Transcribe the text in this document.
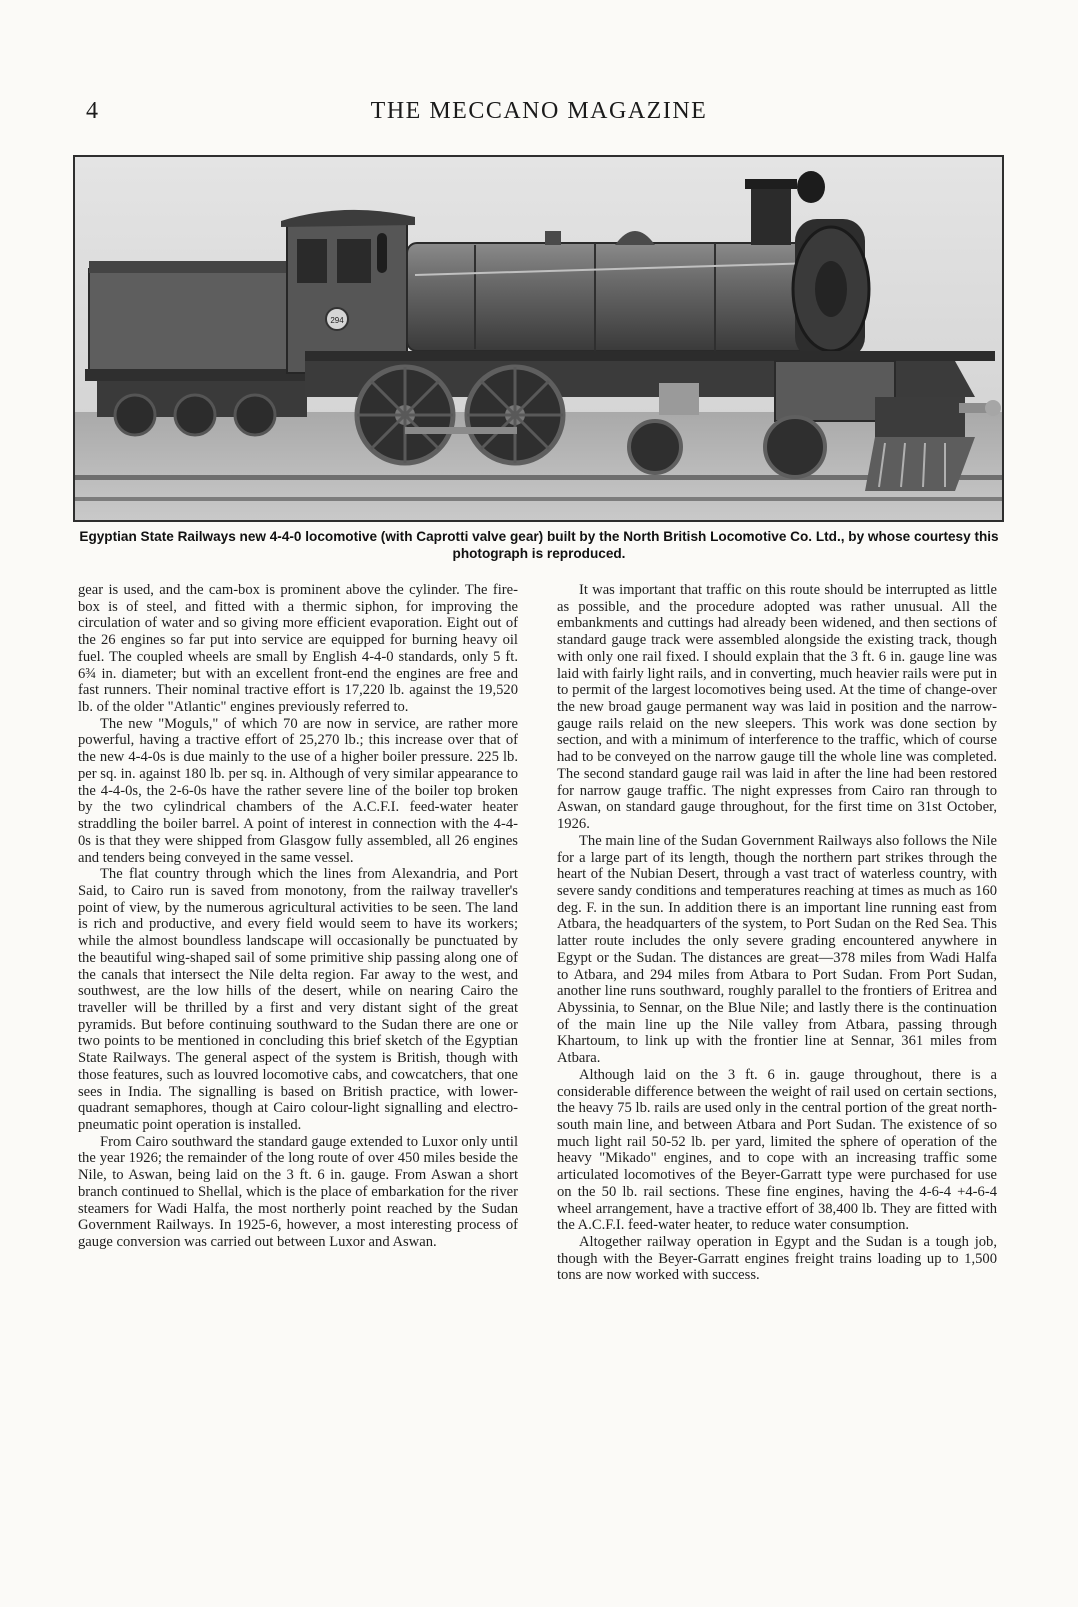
4	THE MECCANO MAGAZINE
294
Egyptian State Railways new 4-4-0 locomotive (with Caprotti valve gear) built by the North British Locomotive Co. Ltd., by whose courtesy this photograph is reproduced.

gear is used, and the cam-box is prominent above the cylinder. The fire-box is of steel, and fitted with a thermic siphon, for improving the circulation of water and so giving more efficient evaporation. Eight out of the 26 engines so far put into service are equipped for burning heavy oil fuel. The coupled wheels are small by English 4-4-0 standards, only 5 ft. 6¾ in. diameter; but with an excellent front-end the engines are free and fast runners. Their nominal tractive effort is 17,220 lb. against the 19,520 lb. of the older "Atlantic" engines previously referred to.

The new "Moguls," of which 70 are now in service, are rather more powerful, having a tractive effort of 25,270 lb.; this increase over that of the new 4-4-0s is due mainly to the use of a higher boiler pressure. 225 lb. per sq. in. against 180 lb. per sq. in. Although of very similar appearance to the 4-4-0s, the 2-6-0s have the rather severe line of the boiler top broken by the two cylindrical chambers of the A.C.F.I. feed-water heater straddling the boiler barrel. A point of interest in connection with the 4-4-0s is that they were shipped from Glasgow fully assembled, all 26 engines and tenders being conveyed in the same vessel.

The flat country through which the lines from Alexandria, and Port Said, to Cairo run is saved from monotony, from the railway traveller's point of view, by the numerous agricultural activities to be seen. The land is rich and productive, and every field would seem to have its workers; while the almost boundless landscape will occasionally be punctuated by the beautiful wing-shaped sail of some primitive ship passing along one of the canals that intersect the Nile delta region. Far away to the west, and southwest, are the low hills of the desert, while on nearing Cairo the traveller will be thrilled by a first and very distant sight of the great pyramids. But before continuing southward to the Sudan there are one or two points to be mentioned in concluding this brief sketch of the Egyptian State Railways. The general aspect of the system is British, though with those features, such as louvred locomotive cabs, and cowcatchers, that one sees in India. The signalling is based on British practice, with lower-quadrant semaphores, though at Cairo colour-light signalling and electro-pneumatic point operation is installed.

From Cairo southward the standard gauge extended to Luxor only until the year 1926; the remainder of the long route of over 450 miles beside the Nile, to Aswan, being laid on the 3 ft. 6 in. gauge. From Aswan a short branch continued to Shellal, which is the place of embarkation for the river steamers for Wadi Halfa, the most northerly point reached by the Sudan Government Railways. In 1925-6, however, a most interesting process of gauge conversion was carried out between Luxor and Aswan.

It was important that traffic on this route should be interrupted as little as possible, and the procedure adopted was rather unusual. All the embankments and cuttings had already been widened, and then sections of standard gauge track were assembled alongside the existing track, though with only one rail fixed. I should explain that the 3 ft. 6 in. gauge line was laid with fairly light rails, and in converting, much heavier rails were put in to permit of the largest locomotives being used. At the time of change-over the new broad gauge permanent way was laid in position and the narrow-gauge rails relaid on the new sleepers. This work was done section by section, and with a minimum of interference to the traffic, which of course had to be conveyed on the narrow gauge till the whole line was completed. The second standard gauge rail was laid in after the line had been restored for narrow gauge traffic. The night expresses from Cairo ran through to Aswan, on standard gauge throughout, for the first time on 31st October, 1926.

The main line of the Sudan Government Railways also follows the Nile for a large part of its length, though the northern part strikes through the heart of the Nubian Desert, through a vast tract of waterless country, with severe sandy conditions and temperatures reaching at times as much as 160 deg. F. in the sun. In addition there is an important line running east from Atbara, the headquarters of the system, to Port Sudan on the Red Sea. This latter route includes the only severe grading encountered anywhere in Egypt or the Sudan. The distances are great—378 miles from Wadi Halfa to Atbara, and 294 miles from Atbara to Port Sudan. From Port Sudan, another line runs southward, roughly parallel to the frontiers of Eritrea and Abyssinia, to Sennar, on the Blue Nile; and lastly there is the continuation of the main line up the Nile valley from Atbara, passing through Khartoum, to link up with the frontier line at Sennar, 361 miles from Atbara.

Although laid on the 3 ft. 6 in. gauge throughout, there is a considerable difference between the weight of rail used on certain sections, the heavy 75 lb. rails are used only in the central portion of the great north-south main line, and between Atbara and Port Sudan. The existence of so much light rail 50-52 lb. per yard, limited the sphere of operation of the heavy "Mikado" engines, and to cope with an increasing traffic some articulated locomotives of the Beyer-Garratt type were purchased for use on the 50 lb. rail sections. These fine engines, having the 4-6-4 +4-6-4 wheel arrangement, have a tractive effort of 38,400 lb. They are fitted with the A.C.F.I. feed-water heater, to reduce water consumption.

Altogether railway operation in Egypt and the Sudan is a tough job, though with the Beyer-Garratt engines freight trains loading up to 1,500 tons are now worked with success.
